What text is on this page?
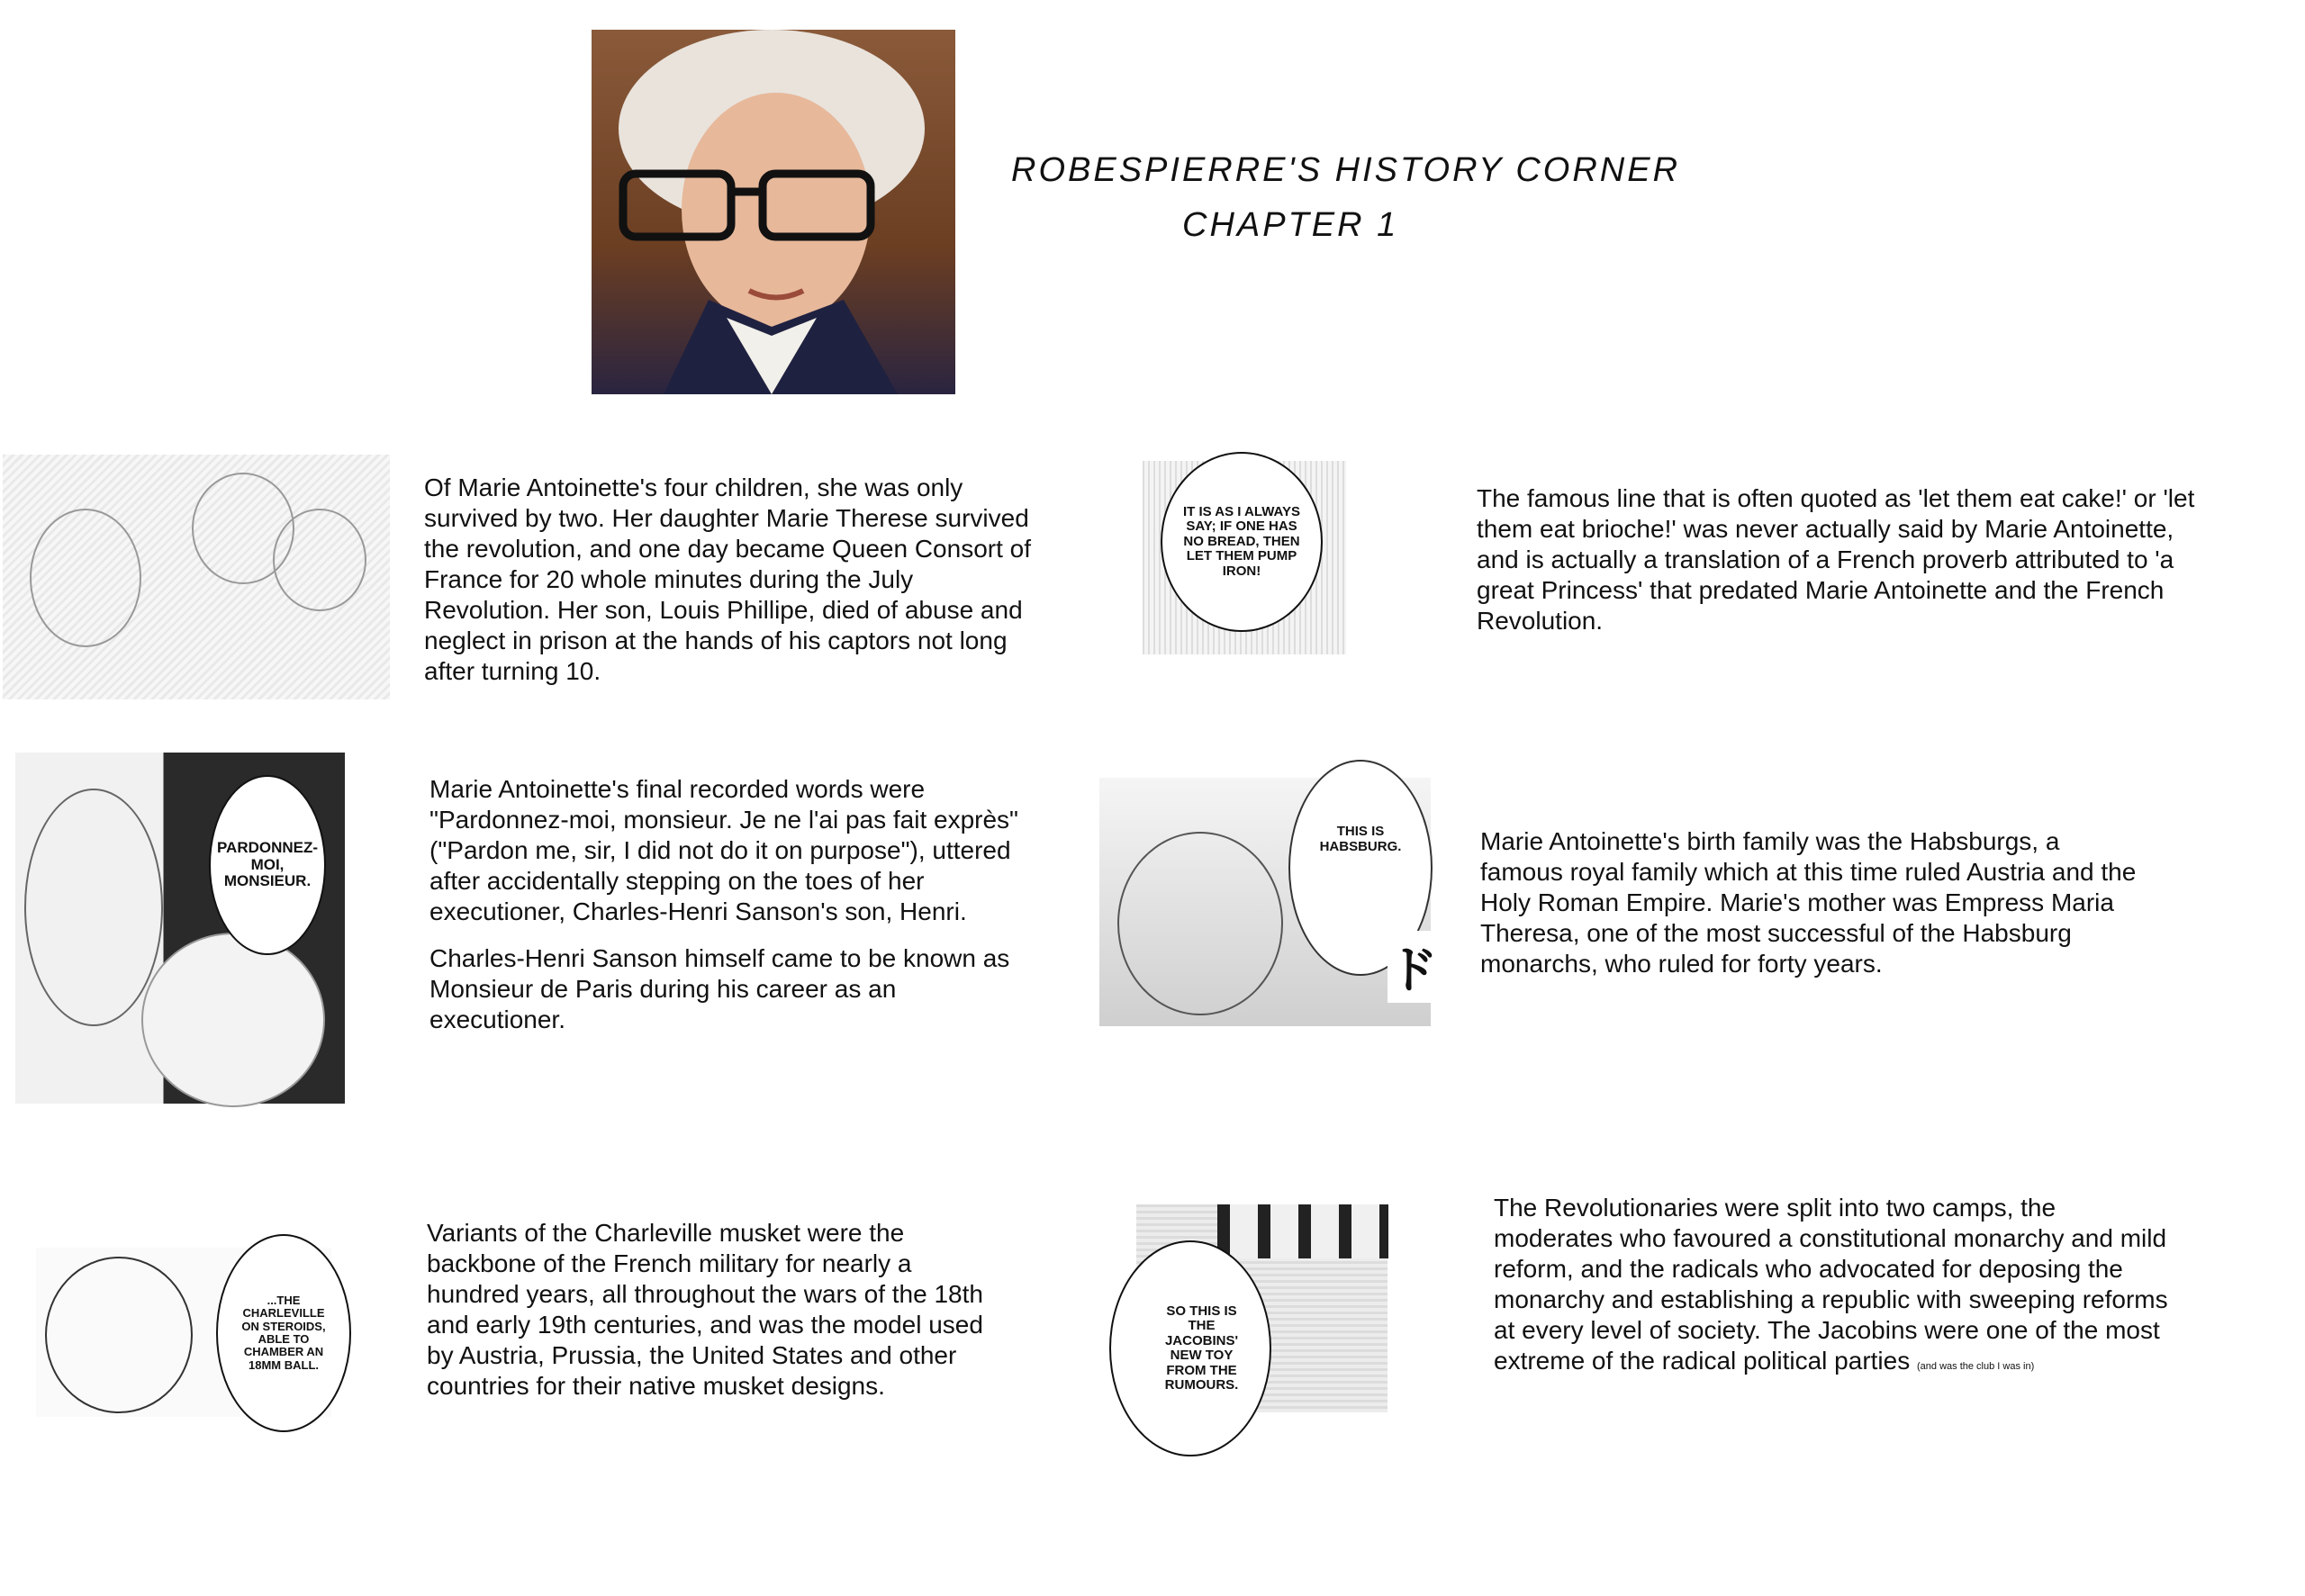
ROBESPIERRE'S HISTORY CORNER
CHAPTER 1

Of Marie Antoinette's four children, she was only survived by two. Her daughter Marie Therese survived the revolution, and one day became Queen Consort of France for 20 whole minutes during the July Revolution. Her son, Louis Phillipe, died of abuse and neglect in prison at the hands of his captors not long after turning 10.

IT IS AS I ALWAYS SAY; IF ONE HAS NO BREAD, THEN LET THEM PUMP IRON!

The famous line that is often quoted as 'let them eat cake!' or 'let them eat brioche!' was never actually said by Marie Antoinette, and is actually a translation of a French proverb attributed to 'a great Princess' that predated Marie Antoinette and the French Revolution.

PARDONNEZ-MOI, MONSIEUR.

Marie Antoinette's final recorded words were "Pardonnez-moi, monsieur. Je ne l'ai pas fait exprès" ("Pardon me, sir, I did not do it on purpose"), uttered after accidentally stepping on the toes of her executioner, Charles-Henri Sanson's son, Henri.

Charles-Henri Sanson himself came to be known as Monsieur de Paris during his career as an executioner.

THIS IS HABSBURG.
ド

Marie Antoinette's birth family was the Habsburgs, a famous royal family which at this time ruled Austria and the Holy Roman Empire. Marie's mother was Empress Maria Theresa, one of the most successful of the Habsburg monarchs, who ruled for forty years.

...THE CHARLEVILLE ON STEROIDS, ABLE TO CHAMBER AN 18MM BALL.

Variants of the Charleville musket were the backbone of the French military for nearly a hundred years, all throughout the wars of the 18th and early 19th centuries, and was the model used by Austria, Prussia, the United States and other countries for their native musket designs.

SO THIS IS THE JACOBINS' NEW TOY FROM THE RUMOURS.

The Revolutionaries were split into two camps, the moderates who favoured a constitutional monarchy and mild reform, and the radicals who advocated for deposing the monarchy and establishing a republic with sweeping reforms at every level of society. The Jacobins were one of the most extreme of the radical political parties (and was the club I was in)
